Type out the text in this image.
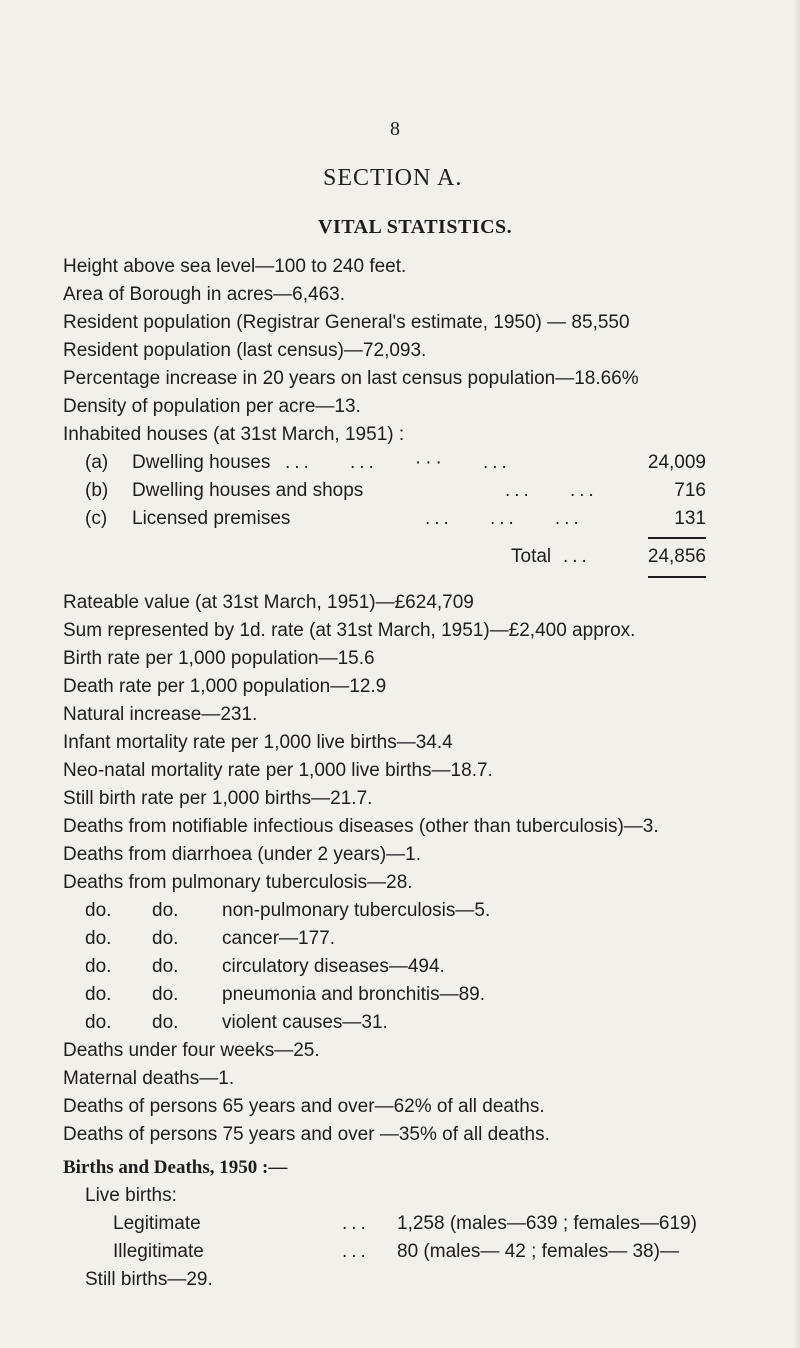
8
SECTION A.
VITAL STATISTICS.
Height above sea level—100 to 240 feet.
Area of Borough in acres—6,463.
Resident population (Registrar General's estimate, 1950) — 85,550
Resident population (last census)—72,093.
Percentage increase in 20 years on last census population—18.66%
Density of population per acre—13.
Inhabited houses (at 31st March, 1951) :
(a) Dwelling houses ...    ...    ···    ...	24,009
(b) Dwelling houses and shops	...    ...	716
(c) Licensed premises	...    ...    ...	131
Total ...	24,856
Rateable value (at 31st March, 1951)—£624,709
Sum represented by 1d. rate (at 31st March, 1951)—£2,400 approx.
Birth rate per 1,000 population—15.6
Death rate per 1,000 population—12.9
Natural increase—231.
Infant mortality rate per 1,000 live births—34.4
Neo-natal mortality rate per 1,000 live births—18.7.
Still birth rate per 1,000 births—21.7.
Deaths from notifiable infectious diseases (other than tuberculosis)—3.
Deaths from diarrhoea (under 2 years)—1.
Deaths from pulmonary tuberculosis—28.
do. do. non-pulmonary tuberculosis—5.
do. do. cancer—177.
do. do. circulatory diseases—494.
do. do. pneumonia and bronchitis—89.
do. do. violent causes—31.
Deaths under four weeks—25.
Maternal deaths—1.
Deaths of persons 65 years and over—62% of all deaths.
Deaths of persons 75 years and over —35% of all deaths.
Births and Deaths, 1950 :—
Live births:
Legitimate	... 1,258 (males—639 ; females—619)
Illegitimate	... 80 (males— 42 ; females— 38)—
Still births—29.
